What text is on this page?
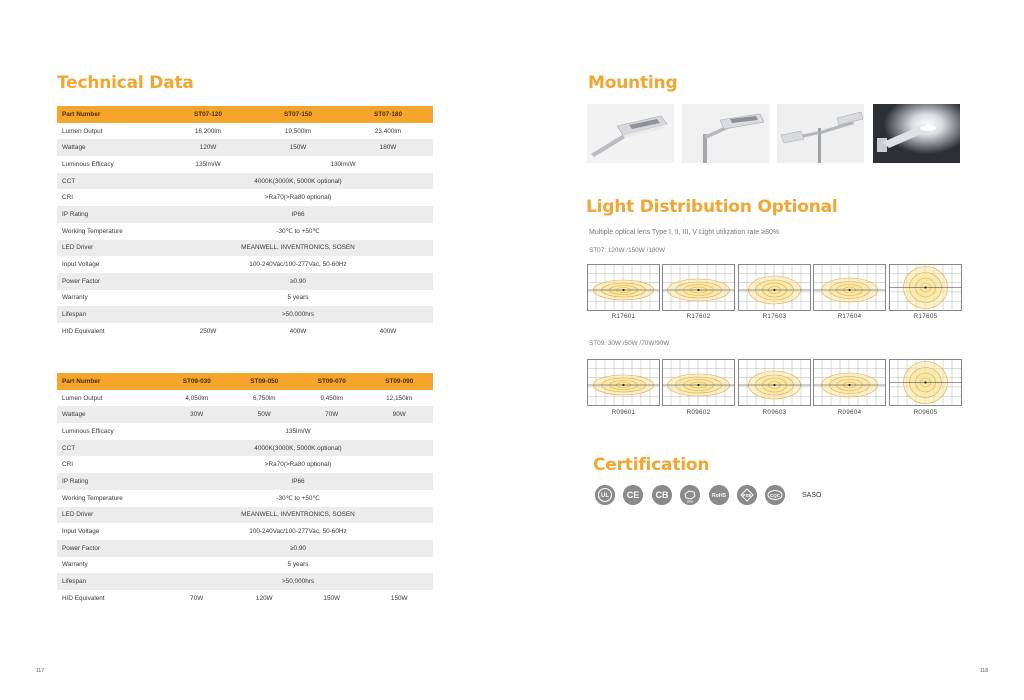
Technical Data
Part Number	ST07-120	ST07-150	ST07-180
Lumen Output	16,200lm	19,500lm	23,400lm
Wattage	120W	150W	180W
Luminous Efficacy	135lm/W	130lm/W	
CCT	4000K(3000K, 5000K optional)		
CRI	>Ra70(>Ra80 optional)		
IP Rating	IP66		
Working Temperature	-30℃ to +50℃		
LED Driver	MEANWELL, INVENTRONICS, SOSEN		
Input Voltage	100-240Vac/100-277Vac, 50-60Hz		
Power Factor	≥0.90		
Warranty	5 years		
Lifespan	>50,000hrs		
HID Equivalent	250W	400W	400W
Part Number	ST09-030	ST09-050	ST09-070	ST09-090
Lumen Output	4,050lm	6,750lm	9,450lm	12,150lm
Wattage	30W	50W	70W	90W
Luminous Efficacy	135lm/W			
CCT	4000K(3000K, 5000K optional)			
CRI	>Ra70(>Ra80 optional)			
IP Rating	IP66			
Working Temperature	-30℃ to +50℃			
LED Driver	MEANWELL, INVENTRONICS, SOSEN			
Input Voltage	100-240Vac/100-277Vac, 50-60Hz			
Power Factor	≥0.90			
Warranty	5 years			
Lifespan	>50,000hrs			
HID Equivalent	70W	120W	150W	150W
117
Mounting
Light Distribution Optional
Multiple optical lens Type I, II, III, V Light utilization rate ≥80%
ST07: 120W /150W /180W
R17601	R17602	R17603	R17604	R17605
ST09: 30W /50W /70W/90W
R09601	R09602	R09603	R09604	R09605
Certification
UL CE CB
SAA
RoHS	PSE	CQC	SASO
118
